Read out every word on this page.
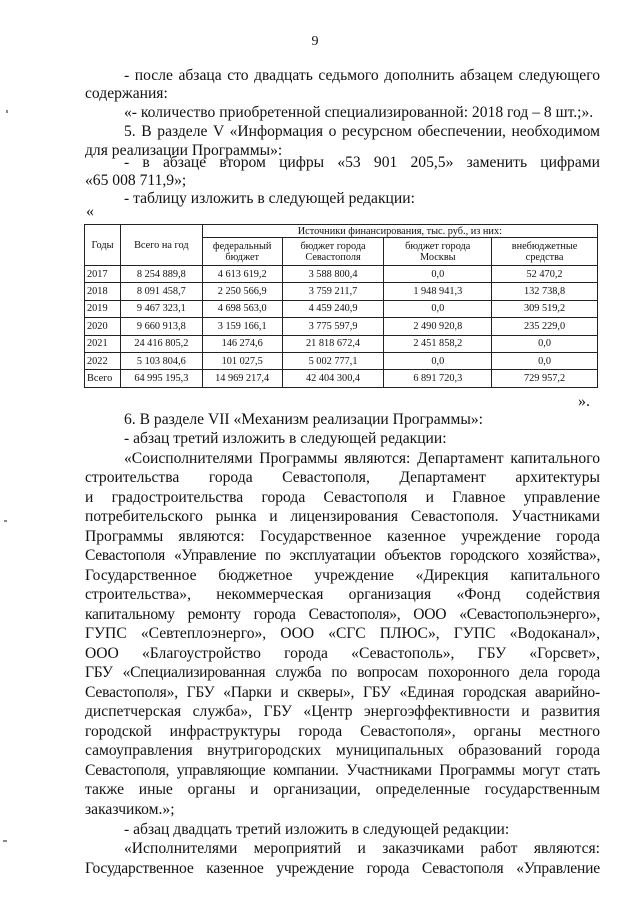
9
- после абзаца сто двадцать седьмого дополнить абзацем следующего
содержания:
«- количество приобретенной специализированной: 2018 год – 8 шт.;».
5. В разделе V «Информация о ресурсном обеспечении, необходимом
для реализации Программы»:
- в абзаце втором цифры «53 901 205,5» заменить цифрами
«65 008 711,9»;
- таблицу изложить в следующей редакции:
«
Годы	Всего на год	Источники финансирования, тыс. руб., из них:			
		федеральный бюджет	бюджет города Севастополя	бюджет города Москвы	внебюджетные средства
2017	8 254 889,8	4 613 619,2	3 588 800,4	0,0	52 470,2
2018	8 091 458,7	2 250 566,9	3 759 211,7	1 948 941,3	132 738,8
2019	9 467 323,1	4 698 563,0	4 459 240,9	0,0	309 519,2
2020	9 660 913,8	3 159 166,1	3 775 597,9	2 490 920,8	235 229,0
2021	24 416 805,2	146 274,6	21 818 672,4	2 451 858,2	0,0
2022	5 103 804,6	101 027,5	5 002 777,1	0,0	0,0
Всего	64 995 195,3	14 969 217,4	42 404 300,4	6 891 720,3	729 957,2
».
6. В разделе VII «Механизм реализации Программы»:
- абзац третий изложить в следующей редакции:
«Соисполнителями Программы являются: Департамент капитального
строительства города Севастополя, Департамент архитектуры
и градостроительства города Севастополя и Главное управление
потребительского рынка и лицензирования Севастополя. Участниками
Программы являются: Государственное казенное учреждение города
Севастополя «Управление по эксплуатации объектов городского хозяйства»,
Государственное бюджетное учреждение «Дирекция капитального
строительства», некоммерческая организация «Фонд содействия
капитальному ремонту города Севастополя», ООО «Севастопольэнерго»,
ГУПС «Севтеплоэнерго», ООО «СГС ПЛЮС», ГУПС «Водоканал»,
ООО «Благоустройство города «Севастополь», ГБУ «Горсвет»,
ГБУ «Специализированная служба по вопросам похоронного дела города
Севастополя», ГБУ «Парки и скверы», ГБУ «Единая городская аварийно-
диспетчерская служба», ГБУ «Центр энергоэффективности и развития
городской инфраструктуры города Севастополя», органы местного
самоуправления внутригородских муниципальных образований города
Севастополя, управляющие компании. Участниками Программы могут стать
также иные органы и организации, определенные государственным
заказчиком.»;
- абзац двадцать третий изложить в следующей редакции:
«Исполнителями мероприятий и заказчиками работ являются:
Государственное казенное учреждение города Севастополя «Управление
